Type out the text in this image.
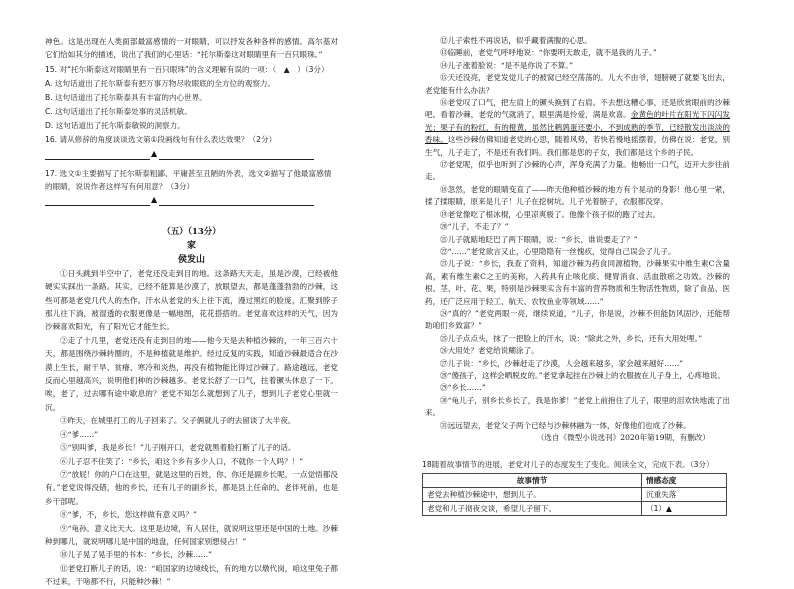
神色。这是出现在人类面部最富感情的一对眼睛，可以抒发各种各样的感情。高尔基对它们恰如其分的描述，说出了我们的心里话：“托尔斯泰这对眼睛里有一百只眼珠。”
15. 对“托尔斯泰这对眼睛里有一百只眼珠”的含义理解有误的一项：（　▲　）（3分）
A. 这句话道出了托尔斯泰有把万事万物尽收眼底的全方位的观察力。
B. 这句话道出了托尔斯泰具有丰富的内心世界。
C. 这句话道出了托尔斯泰处事的灵活机敏。
D. 这句话道出了托尔斯泰敏锐的洞察力。
16. 请从修辞的角度谈谈选文第①段画线句有什么表达效果？（2分）
▲
17. 选文①主要描写了托尔斯泰粗鄙、平庸甚至丑陋的外表，选文②描写了他最富感情的眼睛，说说作者这样写有何用意？（3分）
▲
（五）（13分）
家
侯发山
①日头跳到半空中了，老党还没走到目的地。这条路天天走，虽是沙漠，已经被他硬实实踩出一条路。其实，已经不能算是沙漠了，放眼望去，都是蓬蓬勃勃的沙棘，这些可都是老党几代人的杰作。汗水从老党的头上往下流，漫过黑红的脸庞，汇聚到脖子那儿往下淌，被湿透的衣服更像是一幅地图，花花搭搭的。老党喜欢这样的天气，因为沙棘喜欢阳光，有了阳光它才能生长。
②走了十几里，老党还没有走到目的地——他今天是去种植沙棘的，一年三百六十天，都是围绕沙棘转圈的，不是种植就是维护。经过反复的实践，知道沙棘最适合在沙漠上生长，耐干旱、贫瘠、寒冷和炎热，再没有植物能比得过沙棘了。路途越远，老党反而心里越高兴，说明他们种的沙棘越多。老党长舒了一口气，拄着镢头休息了一下。唉，老了，过去哪有途中歇息的？老党不知怎么就想到了儿子，想到儿子老党心里就一沉。
③昨天，在城里打工的儿子回来了。父子俩就儿子的去留谈了大半夜。
④“爹……”
⑤“别叫爹，我是乡长！”儿子刚开口，老党就黑着脸打断了儿子的话。
⑥儿子忍不住笑了：“乡长，咱这个乡有多少人口，不就你一个人吗？！”
⑦“放屁！你的户口在这里，就是这里的百姓，你、你还是副乡长呢，一点觉悟都没有。”老党说得没错，他的乡长，还有儿子的副乡长，都是县上任命的。老伴死前，也是乡干部呢。
⑧“爹，不，乡长，您这样做有意义吗？”
⑨“龟孙，意义比天大。这里是边境，有人居住，就说明这里还是中国的土地。沙棘种到哪儿，就说明哪儿是中国的地盘，任何国家别想侵占！”
⑩儿子晃了晃手里的书本：“乡长，沙棘……”
⑪老党打断儿子的话，说：“咱国家的边境线长，有的地方以墩代岗，咱这里兔子都不过来，干啥都不行，只能种沙棘！”
⑫儿子索性不再说话，似乎藏着满腹的心思。
⑬临睡前，老党气呼呼地说：“你要明天敢走，就不是我的儿子。”
⑭儿子涨着脸说：“是不是你说了不算。”
⑮天还没亮，老党发觉儿子的被窝已经空荡荡的。儿大不由爷，翅膀硬了就要飞出去，老党能有什么办法？
⑯老党叹了口气，把左肩上的镢头换到了右肩。不去想这糟心事，还是欣赏眼前的沙棘吧。看着沙棘，老党的气就消了，眼里满是怜爱，满是欢喜。金黄色的叶片在阳光下闪闪发光；果子有的粉红，有的橙黄，虽然比鹌鹑蛋还要小，不到成熟的季节，已经散发出淡淡的香味。这些沙棘仿佛知道老党的心思，随着风势，若快若慢地摇摆着，仿佛在说：老党，别生气，儿子走了，不是还有我们吗。我们都是您的子女，我们都是这个乡的子民。
⑰老党呢，似乎也听到了沙棘的心声，浑身充满了力量。他畅出一口气，迈开大步往前走。
⑱忽然，老党的眼睛变直了——昨天他种植沙棘的地方有个晃动的身影！他心里一紧，揉了揉眼睛，原来是儿子！儿子在挖树坑。儿子光着膀子，衣服都没穿。
⑲老党像吃了根冰棍，心里凉爽极了。他像个孩子似的跑了过去。
⑳“儿子，不走了？”
㉑儿子就踮地眨巴了两下眼睛，说：“乡长，谁说要走了？”
㉒“……”老党欲言又止，心里隐隐有一丝愧疚，觉得自己误会了儿子。
㉓儿子说：“乡长，我查了资料，知道沙棘为药食同源植物，沙棘果实中维生素C含量高，素有维生素C之王的美称，入药具有止咳化痰、健胃消食、活血散瘀之功效。沙棘的根、茎、叶、花、果，特别是沙棘果实含有丰富的营养物质和生物活性物质，除了食品、医药，还广泛应用于轻工、航天、农牧鱼业等领域……”
㉔“真的？”老党两眼一亮，继续说道，“儿子，你是说，沙棘不但能防风固沙，还能帮助咱们乡致富？”
㉕儿子点点头，抹了一把脸上的汗水，说：“除此之外，乡长，还有大用处哩。”
㉖大用处？老党给说糊涂了。
㉗儿子说：“乡长，沙棘赶走了沙漠，人会越来越多，家会越来越好……”
㉘“傻孩子，这样会晒脱皮的。”老党拿起挂在沙棘上的衣服披在儿子身上，心疼地说。
㉙“乡长……”
㉚“龟儿子，别乡长乡长了，我是你爹！”老党上前抱住了儿子，眼里的泪欢快地流了出来。
㉛远远望去，老党父子两个已经与沙棘林融为一体，好像他们也成了沙棘。
（选自《微型小说选刊》2020年第19期，有删改）
18随着故事情节的进展，老党对儿子的态度发生了变化。阅读全文，完成下表。（3分）
故事情节	情感态度
老党去种植沙棘途中，想到儿子。	沉重失落
老党和儿子彻夜交谈，希望儿子留下。	（1）▲
